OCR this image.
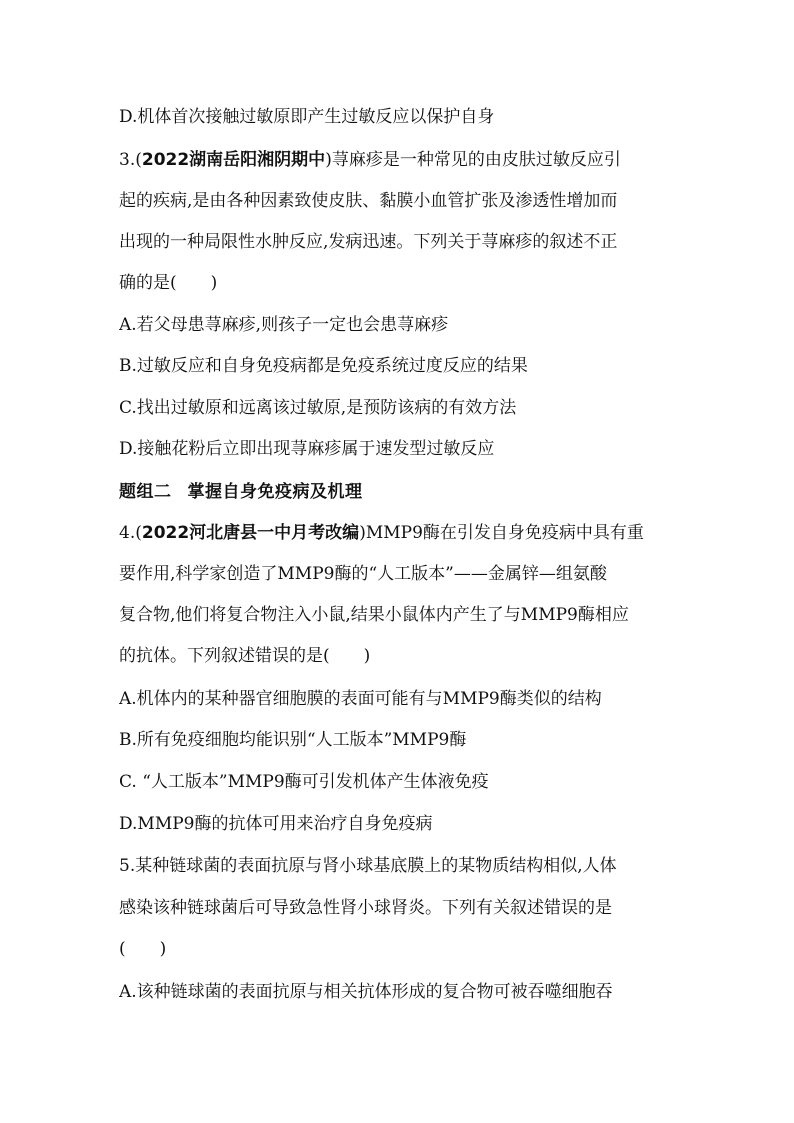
D.机体首次接触过敏原即产生过敏反应以保护自身
3.(2022湖南岳阳湘阴期中)荨麻疹是一种常见的由皮肤过敏反应引
起的疾病,是由各种因素致使皮肤、黏膜小血管扩张及渗透性增加而
出现的一种局限性水肿反应,发病迅速。下列关于荨麻疹的叙述不正
确的是(　　)
A.若父母患荨麻疹,则孩子一定也会患荨麻疹
B.过敏反应和自身免疫病都是免疫系统过度反应的结果
C.找出过敏原和远离该过敏原,是预防该病的有效方法
D.接触花粉后立即出现荨麻疹属于速发型过敏反应
题组二 掌握自身免疫病及机理
4.(2022河北唐县一中月考改编)MMP9酶在引发自身免疫病中具有重
要作用,科学家创造了MMP9酶的“人工版本”——金属锌—组氨酸
复合物,他们将复合物注入小鼠,结果小鼠体内产生了与MMP9酶相应
的抗体。下列叙述错误的是(　　)
A.机体内的某种器官细胞膜的表面可能有与MMP9酶类似的结构
B.所有免疫细胞均能识别“人工版本”MMP9酶
C. “人工版本”MMP9酶可引发机体产生体液免疫
D.MMP9酶的抗体可用来治疗自身免疫病
5.某种链球菌的表面抗原与肾小球基底膜上的某物质结构相似,人体
感染该种链球菌后可导致急性肾小球肾炎。下列有关叙述错误的是
(　　)
A.该种链球菌的表面抗原与相关抗体形成的复合物可被吞噬细胞吞
